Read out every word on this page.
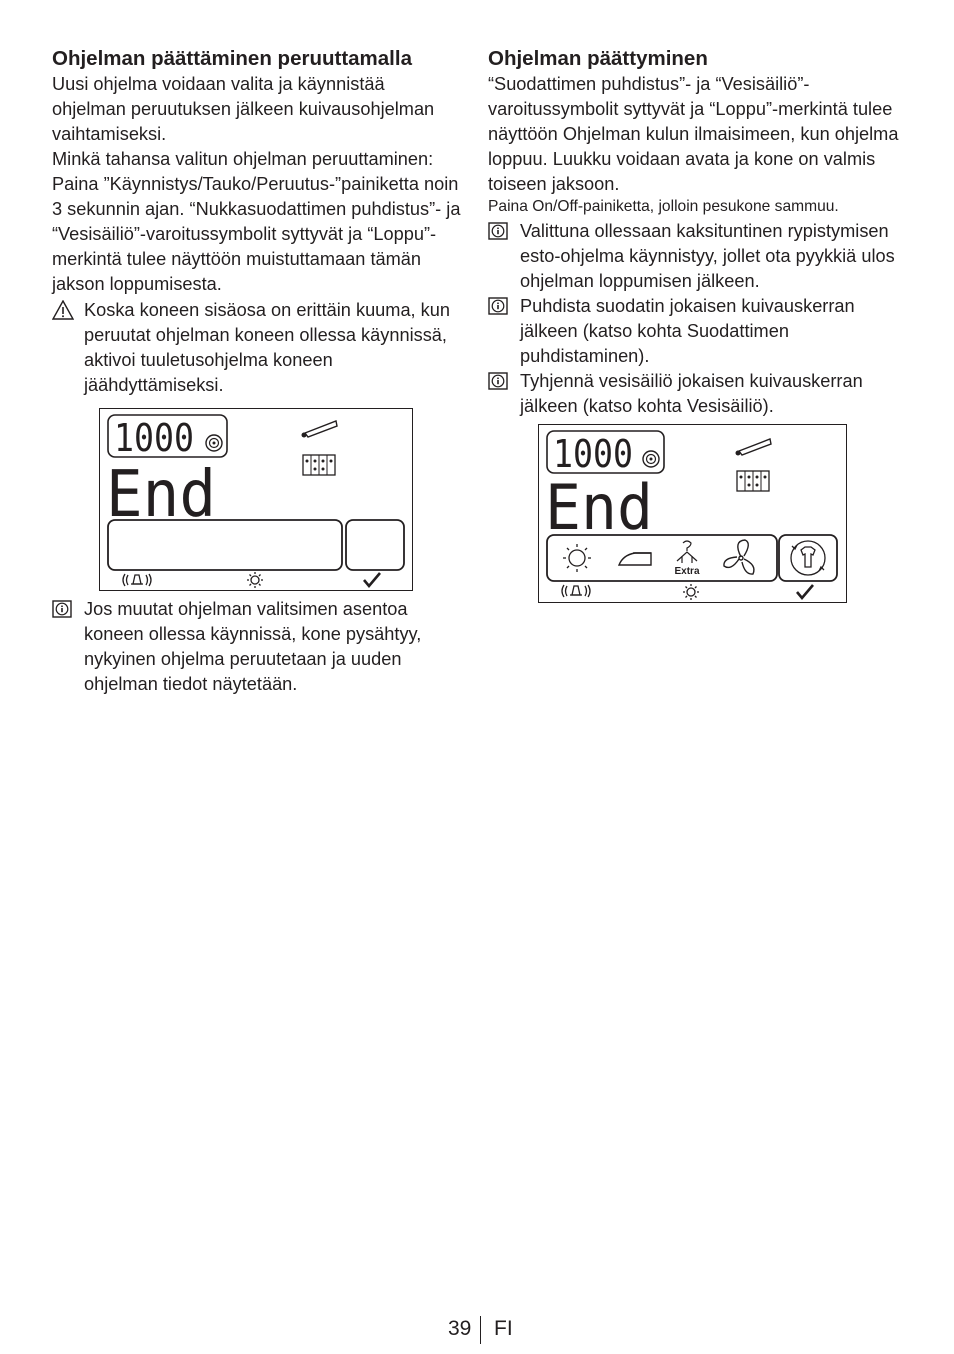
Ohjelman päättäminen peruuttamalla

Uusi ohjelma voidaan valita ja käynnistää ohjelman peruutuksen jälkeen kuivausohjelman vaihtamiseksi.

Minkä tahansa valitun ohjelman peruuttaminen: Paina ”Käynnistys/Tauko/Peruutus-”painiketta noin 3 sekunnin ajan. “Nukkasuodattimen puhdistus”- ja “Vesisäiliö”-varoitussymbolit syttyvät ja “Loppu”-merkintä tulee näyttöön muistuttamaan tämän jakson loppumisesta.

Koska koneen sisäosa on erittäin kuuma, kun peruutat ohjelman koneen ollessa käynnissä, aktivoi tuuletusohjelma koneen jäähdyttämiseksi.
1000
End
Jos muutat ohjelman valitsimen asentoa koneen ollessa käynnissä, kone pysähtyy, nykyinen ohjelma peruutetaan ja uuden ohjelman tiedot näytetään.
Ohjelman päättyminen

“Suodattimen puhdistus”- ja “Vesisäiliö”-varoitussymbolit syttyvät ja “Loppu”-merkintä tulee näyttöön Ohjelman kulun ilmaisimeen, kun ohjelma loppuu. Luukku voidaan avata ja kone on valmis toiseen jaksoon.

Paina On/Off-painiketta, jolloin pesukone sammuu.

Valittuna ollessaan kaksituntinen rypistymisen esto-ohjelma käynnistyy, jollet ota pyykkiä ulos ohjelman loppumisen jälkeen.
Puhdista suodatin jokaisen kuivauskerran jälkeen (katso kohta Suodattimen puhdistaminen).
Tyhjennä vesisäiliö jokaisen kuivauskerran jälkeen (katso kohta Vesisäiliö).
1000
End
Extra
39 FI
